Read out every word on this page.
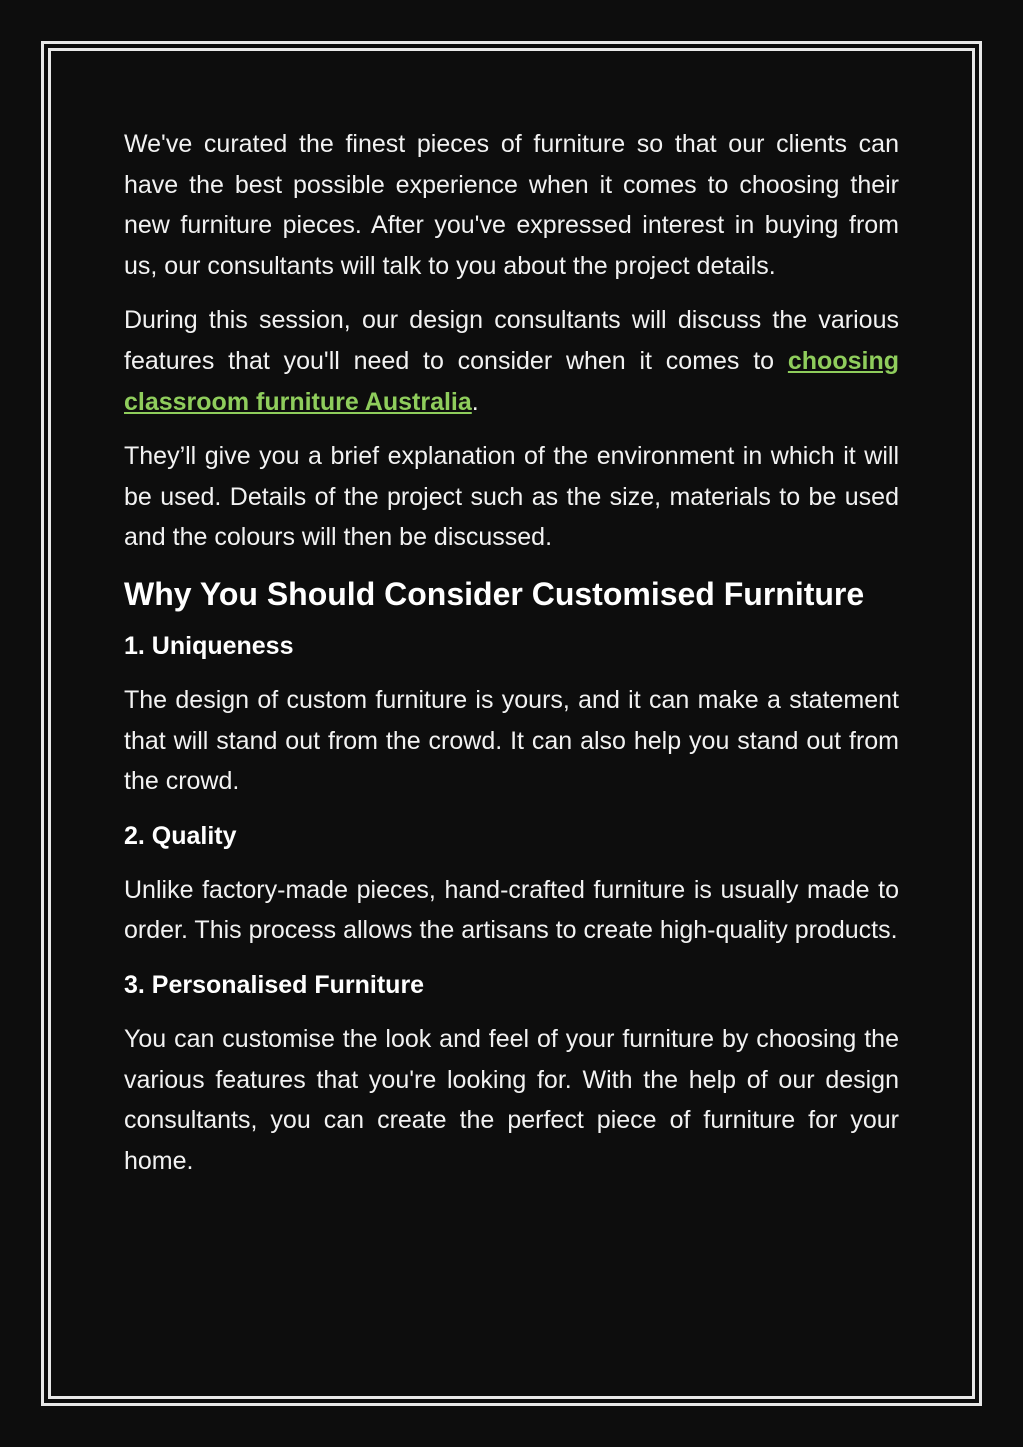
We've curated the finest pieces of furniture so that our clients can have the best possible experience when it comes to choosing their new furniture pieces. After you've expressed interest in buying from us, our consultants will talk to you about the project details.

During this session, our design consultants will discuss the various features that you'll need to consider when it comes to choosing classroom furniture Australia.

They’ll give you a brief explanation of the environment in which it will be used. Details of the project such as the size, materials to be used and the colours will then be discussed.

Why You Should Consider Customised Furniture
1. Uniqueness

The design of custom furniture is yours, and it can make a statement that will stand out from the crowd. It can also help you stand out from the crowd.

2. Quality

Unlike factory-made pieces, hand-crafted furniture is usually made to order. This process allows the artisans to create high-quality products.

3. Personalised Furniture

You can customise the look and feel of your furniture by choosing the various features that you're looking for. With the help of our design consultants, you can create the perfect piece of furniture for your home.
